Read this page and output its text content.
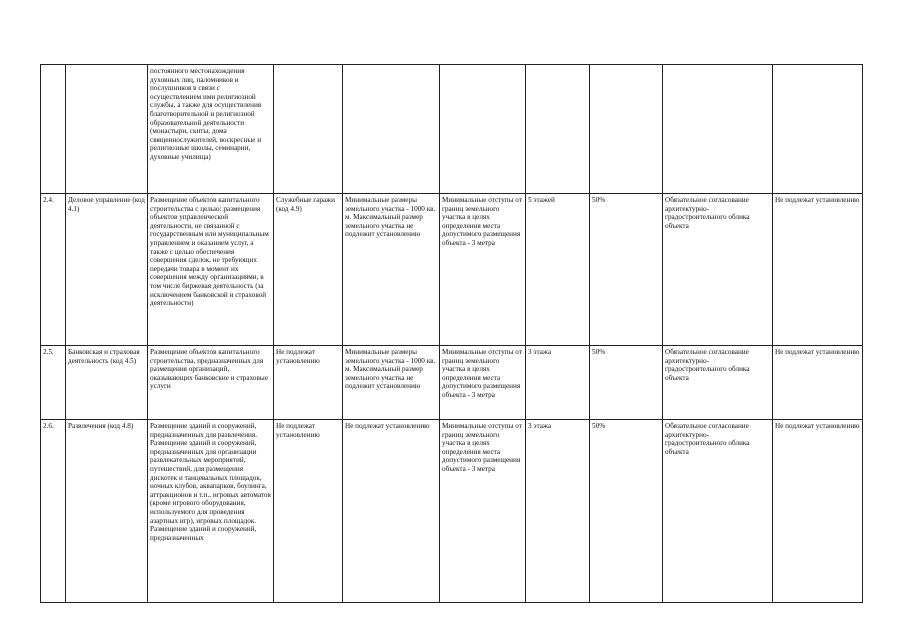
		постоянного местонахождения духовных лиц, паломников и послушников в связи с осуществлением ими религиозной службы, а также для осуществления благотворительной и религиозной образовательной деятельности (монастыри, скиты, дома священнослужителей, воскресные и религиозные школы, семинарии, духовные училища)							
2.4.	Деловое управление (код 4.1)	Размещение объектов капитального строительства с целью: размещения объектов управленческой деятельности, не связанной с государственным или муниципальным управлением и оказанием услуг, а также с целью обеспечения совершения сделок, не требующих передачи товара в момент их совершения между организациями, в том числе биржевая деятельность (за исключением банковской и страховой деятельности)	Служебные гаражи (код 4.9)	Минимальные размеры земельного участка - 1000 кв. м. Максимальный размер земельного участка не подлежит установлению	Минимальные отступы от границ земельного участка в целях определения места допустимого размещения объекта - 3 метра	5 этажей	50%	Обязательное согласование архитектурно-градостроительного облика объекта	Не подлежат установлению
2.5.	Банковская и страховая деятельность (код 4.5)	Размещение объектов капитального строительства, предназначенных для размещения организаций, оказывающих банковские и страховые услуги	Не подлежат установлению	Минимальные размеры земельного участка - 1000 кв. м. Максимальный размер земельного участка не подлежит установлению	Минимальные отступы от границ земельного участка в целях определения места допустимого размещения объекта - 3 метра	3 этажа	50%	Обязательное согласование архитектурно-градостроительного облика объекта	Не подлежат установлению
2.6.	Развлечения (код 4.8)	Размещение зданий и сооружений, предназначенных для развлечения. Размещение зданий и сооружений, предназначенных для организации развлекательных мероприятий, путешествий, для размещения дискотек и танцевальных площадок, ночных клубов, аквапарков, боулинга, аттракционов и т.п., игровых автоматов (кроме игрового оборудования, используемого для проведения азартных игр), игровых площадок. Размещение зданий и сооружений, предназначенных	Не подлежат установлению	Не подлежат установлению	Минимальные отступы от границ земельного участка в целях определения места допустимого размещения объекта - 3 метра	3 этажа	50%	Обязательное согласование архитектурно-градостроительного облика объекта	Не подлежат установлению
